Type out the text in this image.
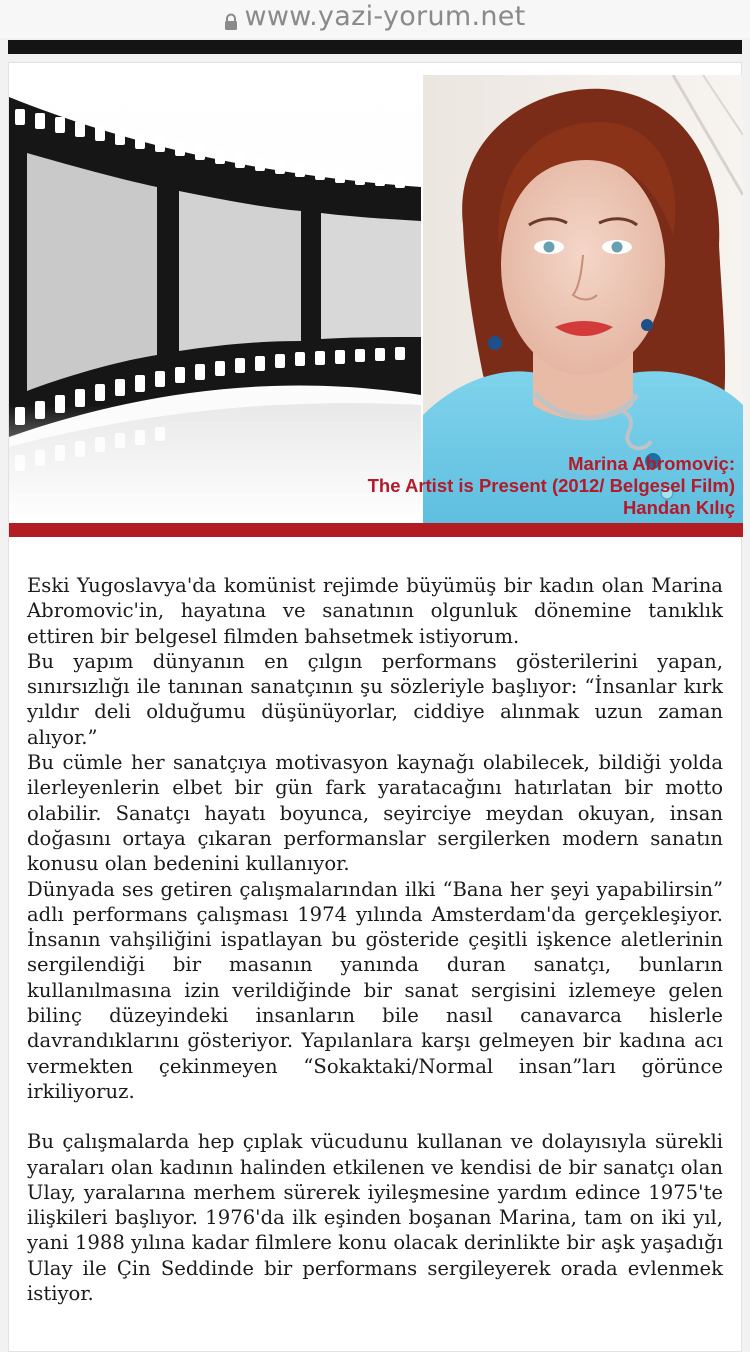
www.yazi-yorum.net
Marina Abromoviç:
The Artist is Present (2012/ Belgesel Film)
Handan Kılıç

Eski Yugoslavya'da komünist rejimde büyümüş bir kadın olan Marina Abromovic'in, hayatına ve sanatının olgunluk dönemine tanıklık ettiren bir belgesel filmden bahsetmek istiyorum.

Bu yapım dünyanın en çılgın performans gösterilerini yapan, sınırsızlığı ile tanınan sanatçının şu sözleriyle başlıyor: “İnsanlar kırk yıldır deli olduğumu düşünüyorlar, ciddiye alınmak uzun zaman alıyor.”

Bu cümle her sanatçıya motivasyon kaynağı olabilecek, bildiği yolda ilerleyenlerin elbet bir gün fark yaratacağını hatırlatan bir motto olabilir. Sanatçı hayatı boyunca, seyirciye meydan okuyan, insan doğasını ortaya çıkaran performanslar sergilerken modern sanatın konusu olan bedenini kullanıyor.

Dünyada ses getiren çalışmalarından ilki “Bana her şeyi yapabilirsin” adlı performans çalışması 1974 yılında Amsterdam'da gerçekleşiyor. İnsanın vahşiliğini ispatlayan bu gösteride çeşitli işkence aletlerinin sergilendiği bir masanın yanında duran sanatçı, bunların kullanılmasına izin verildiğinde bir sanat sergisini izlemeye gelen bilinç düzeyindeki insanların bile nasıl canavarca hislerle davrandıklarını gösteriyor. Yapılanlara karşı gelmeyen bir kadına acı vermekten çekinmeyen “Sokaktaki/Normal insan”ları görünce irkiliyoruz.

Bu çalışmalarda hep çıplak vücudunu kullanan ve dolayısıyla sürekli yaraları olan kadının halinden etkilenen ve kendisi de bir sanatçı olan Ulay, yaralarına merhem sürerek iyileşmesine yardım edince 1975'te ilişkileri başlıyor. 1976'da ilk eşinden boşanan Marina, tam on iki yıl, yani 1988 yılına kadar filmlere konu olacak derinlikte bir aşk yaşadığı Ulay ile Çin Seddinde bir performans sergileyerek orada evlenmek istiyor.
